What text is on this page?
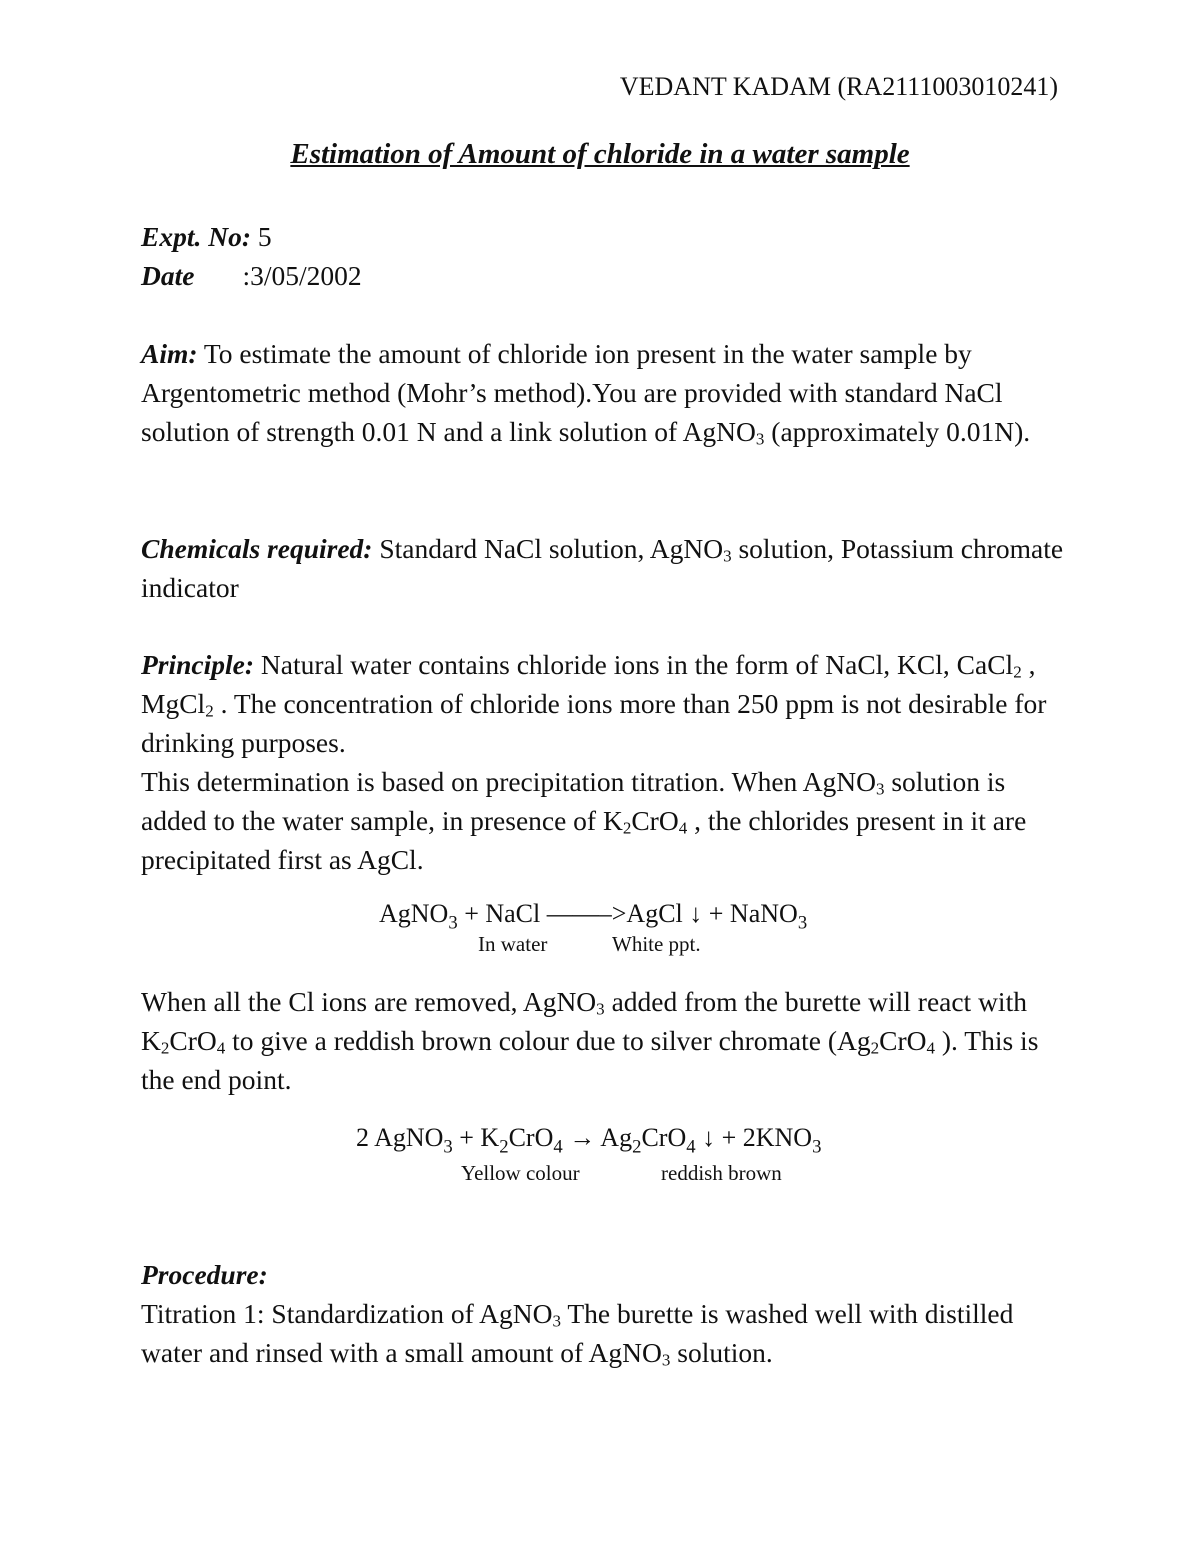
VEDANT KADAM (RA2111003010241)
Estimation of Amount of chloride in a water sample
Expt. No: 5
Date :3/05/2002
Aim: To estimate the amount of chloride ion present in the water sample by Argentometric method (Mohr’s method).You are provided with standard NaCl solution of strength 0.01 N and a link solution of AgNO$_3$ (approximately 0.01N).
Chemicals required: Standard NaCl solution, AgNO$_3$ solution, Potassium chromate indicator
Principle: Natural water contains chloride ions in the form of NaCl, KCl, CaCl$_2$ , MgCl$_2$ . The concentration of chloride ions more than 250 ppm is not desirable for drinking purposes.
This determination is based on precipitation titration. When AgNO$_3$ solution is added to the water sample, in presence of $K_2CrO_4$ , the chlorides present in it are precipitated first as AgCl.
AgNO$_3$ + NaCl ——–>AgCl ↓ + NaNO$_3$
In water	White ppt.
When all the Cl ions are removed, AgNO$_3$ added from the burette will react with $K_2CrO_4$ to give a reddish brown colour due to silver chromate ($Ag_2CrO_4$ ). This is the end point.
2 AgNO$_3$ + $K_2CrO_4 \to Ag_2CrO_4$ ↓ + $2KNO_3$
Yellow colour	reddish brown
Procedure:
Titration 1: Standardization of AgNO$_3$ The burette is washed well with distilled water and rinsed with a small amount of AgNO$_3$ solution.
